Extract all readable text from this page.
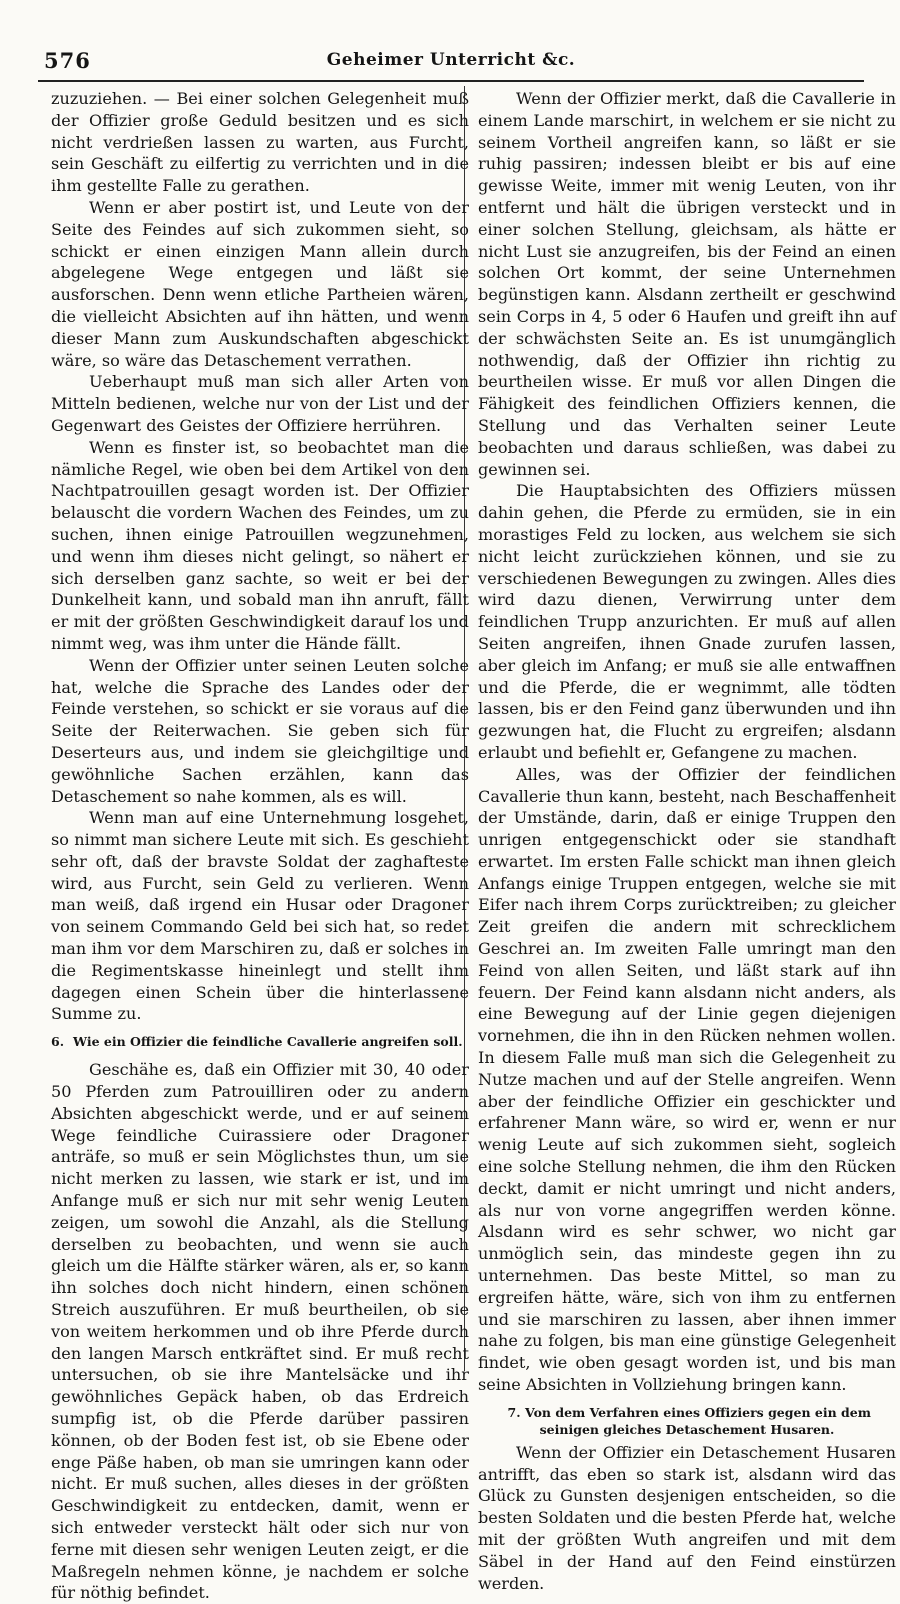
576	Geheimer Unterricht &c.

zuzuziehen. — Bei einer solchen Gelegenheit muß der Offizier große Geduld besitzen und es sich nicht verdrießen lassen zu warten, aus Furcht, sein Geschäft zu eilfertig zu verrichten und in die ihm gestellte Falle zu gerathen.

Wenn er aber postirt ist, und Leute von der Seite des Feindes auf sich zukommen sieht, so schickt er einen einzigen Mann allein durch abgelegene Wege entgegen und läßt sie ausforschen. Denn wenn etliche Partheien wären, die vielleicht Absichten auf ihn hätten, und wenn dieser Mann zum Auskundschaften abgeschickt wäre, so wäre das Detaschement verrathen.

Ueberhaupt muß man sich aller Arten von Mitteln bedienen, welche nur von der List und der Gegenwart des Geistes der Offiziere herrühren.

Wenn es finster ist, so beobachtet man die nämliche Regel, wie oben bei dem Artikel von den Nachtpatrouillen gesagt worden ist. Der Offizier belauscht die vordern Wachen des Feindes, um zu suchen, ihnen einige Patrouillen wegzunehmen, und wenn ihm dieses nicht gelingt, so nähert er sich derselben ganz sachte, so weit er bei der Dunkelheit kann, und sobald man ihn anruft, fällt er mit der größten Geschwindigkeit darauf los und nimmt weg, was ihm unter die Hände fällt.

Wenn der Offizier unter seinen Leuten solche hat, welche die Sprache des Landes oder der Feinde verstehen, so schickt er sie voraus auf die Seite der Reiterwachen. Sie geben sich für Deserteurs aus, und indem sie gleichgiltige und gewöhnliche Sachen erzählen, kann das Detaschement so nahe kommen, als es will.

Wenn man auf eine Unternehmung losgehet, so nimmt man sichere Leute mit sich. Es geschieht sehr oft, daß der bravste Soldat der zaghafteste wird, aus Furcht, sein Geld zu verlieren. Wenn man weiß, daß irgend ein Husar oder Dragoner von seinem Commando Geld bei sich hat, so redet man ihm vor dem Marschiren zu, daß er solches in die Regimentskasse hineinlegt und stellt ihm dagegen einen Schein über die hinterlassene Summe zu.

6. Wie ein Offizier die feindliche Cavallerie angreifen soll.

Geschähe es, daß ein Offizier mit 30, 40 oder 50 Pferden zum Patrouilliren oder zu andern Absichten abgeschickt werde, und er auf seinem Wege feindliche Cuirassiere oder Dragoner anträfe, so muß er sein Möglichstes thun, um sie nicht merken zu lassen, wie stark er ist, und im Anfange muß er sich nur mit sehr wenig Leuten zeigen, um sowohl die Anzahl, als die Stellung derselben zu beobachten, und wenn sie auch gleich um die Hälfte stärker wären, als er, so kann ihn solches doch nicht hindern, einen schönen Streich auszuführen. Er muß beurtheilen, ob sie von weitem herkommen und ob ihre Pferde durch den langen Marsch entkräftet sind. Er muß recht untersuchen, ob sie ihre Mantelsäcke und ihr gewöhnliches Gepäck haben, ob das Erdreich sumpfig ist, ob die Pferde darüber passiren können, ob der Boden fest ist, ob sie Ebene oder enge Päße haben, ob man sie umringen kann oder nicht. Er muß suchen, alles dieses in der größten Geschwindigkeit zu entdecken, damit, wenn er sich entweder versteckt hält oder sich nur von ferne mit diesen sehr wenigen Leuten zeigt, er die Maßregeln nehmen könne, je nachdem er solche für nöthig befindet.

Wenn der Offizier merkt, daß die Cavallerie in einem Lande marschirt, in welchem er sie nicht zu seinem Vortheil angreifen kann, so läßt er sie ruhig passiren; indessen bleibt er bis auf eine gewisse Weite, immer mit wenig Leuten, von ihr entfernt und hält die übrigen versteckt und in einer solchen Stellung, gleichsam, als hätte er nicht Lust sie anzugreifen, bis der Feind an einen solchen Ort kommt, der seine Unternehmen begünstigen kann. Alsdann zertheilt er geschwind sein Corps in 4, 5 oder 6 Haufen und greift ihn auf der schwächsten Seite an. Es ist unumgänglich nothwendig, daß der Offizier ihn richtig zu beurtheilen wisse. Er muß vor allen Dingen die Fähigkeit des feindlichen Offiziers kennen, die Stellung und das Verhalten seiner Leute beobachten und daraus schließen, was dabei zu gewinnen sei.

Die Hauptabsichten des Offiziers müssen dahin gehen, die Pferde zu ermüden, sie in ein morastiges Feld zu locken, aus welchem sie sich nicht leicht zurückziehen können, und sie zu verschiedenen Bewegungen zu zwingen. Alles dies wird dazu dienen, Verwirrung unter dem feindlichen Trupp anzurichten. Er muß auf allen Seiten angreifen, ihnen Gnade zurufen lassen, aber gleich im Anfang; er muß sie alle entwaffnen und die Pferde, die er wegnimmt, alle tödten lassen, bis er den Feind ganz überwunden und ihn gezwungen hat, die Flucht zu ergreifen; alsdann erlaubt und befiehlt er, Gefangene zu machen.

Alles, was der Offizier der feindlichen Cavallerie thun kann, besteht, nach Beschaffenheit der Umstände, darin, daß er einige Truppen den unrigen entgegenschickt oder sie standhaft erwartet. Im ersten Falle schickt man ihnen gleich Anfangs einige Truppen entgegen, welche sie mit Eifer nach ihrem Corps zurücktreiben; zu gleicher Zeit greifen die andern mit schrecklichem Geschrei an. Im zweiten Falle umringt man den Feind von allen Seiten, und läßt stark auf ihn feuern. Der Feind kann alsdann nicht anders, als eine Bewegung auf der Linie gegen diejenigen vornehmen, die ihn in den Rücken nehmen wollen. In diesem Falle muß man sich die Gelegenheit zu Nutze machen und auf der Stelle angreifen. Wenn aber der feindliche Offizier ein geschickter und erfahrener Mann wäre, so wird er, wenn er nur wenig Leute auf sich zukommen sieht, sogleich eine solche Stellung nehmen, die ihm den Rücken deckt, damit er nicht umringt und nicht anders, als nur von vorne angegriffen werden könne. Alsdann wird es sehr schwer, wo nicht gar unmöglich sein, das mindeste gegen ihn zu unternehmen. Das beste Mittel, so man zu ergreifen hätte, wäre, sich von ihm zu entfernen und sie marschiren zu lassen, aber ihnen immer nahe zu folgen, bis man eine günstige Gelegenheit findet, wie oben gesagt worden ist, und bis man seine Absichten in Vollziehung bringen kann.

7. Von dem Verfahren eines Offiziers gegen ein dem
seinigen gleiches Detaschement Husaren.

Wenn der Offizier ein Detaschement Husaren antrifft, das eben so stark ist, alsdann wird das Glück zu Gunsten desjenigen entscheiden, so die besten Soldaten und die besten Pferde hat, welche mit der größten Wuth angreifen und mit dem Säbel in der Hand auf den Feind einstürzen werden.
